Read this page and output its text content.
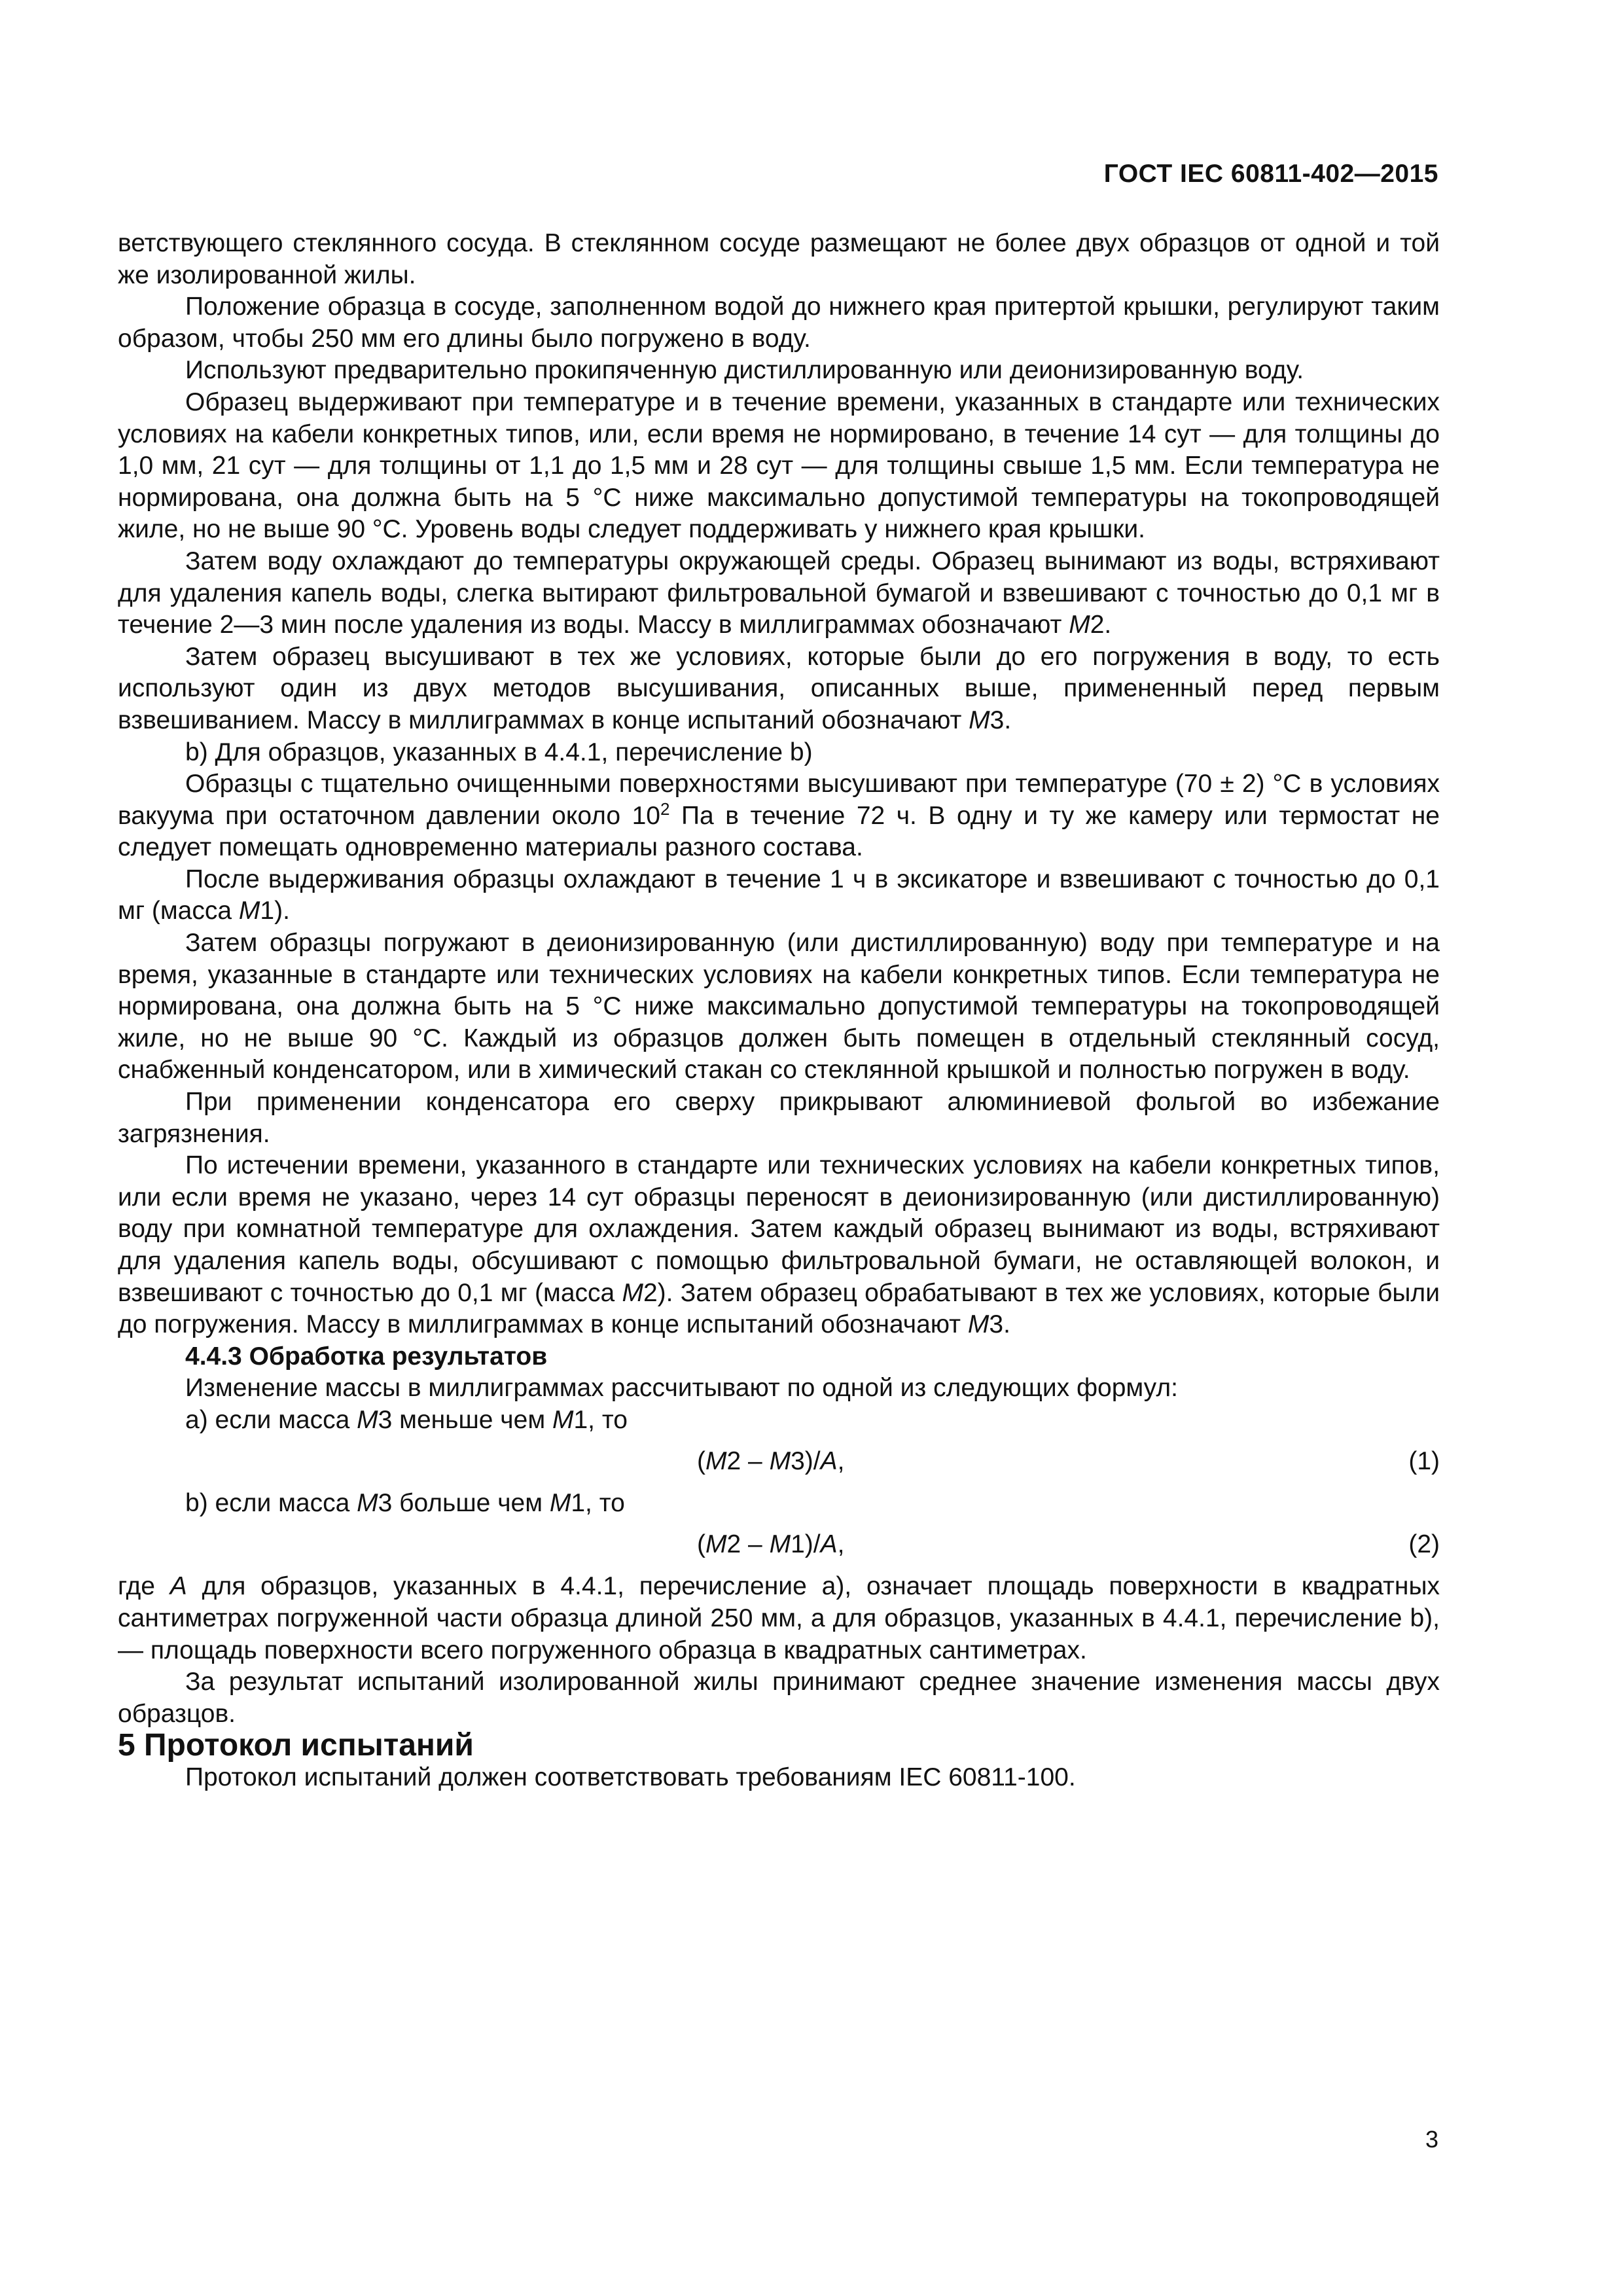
ГОСТ IEC 60811-402—2015

ветствующего стеклянного сосуда. В стеклянном сосуде размещают не более двух образцов от одной и той же изолированной жилы.

Положение образца в сосуде, заполненном водой до нижнего края притертой крышки, регулируют таким образом, чтобы 250 мм его длины было погружено в воду.

Используют предварительно прокипяченную дистиллированную или деионизированную воду.

Образец выдерживают при температуре и в течение времени, указанных в стандарте или технических условиях на кабели конкретных типов, или, если время не нормировано, в течение 14 сут — для толщины до 1,0 мм, 21 сут — для толщины от 1,1 до 1,5 мм и 28 сут — для толщины свыше 1,5 мм. Если температура не нормирована, она должна быть на 5 °С ниже максимально допустимой температуры на токопроводящей жиле, но не выше 90 °С. Уровень воды следует поддерживать у нижнего края крышки.

Затем воду охлаждают до температуры окружающей среды. Образец вынимают из воды, встряхивают для удаления капель воды, слегка вытирают фильтровальной бумагой и взвешивают с точностью до 0,1 мг в течение 2—3 мин после удаления из воды. Массу в миллиграммах обозначают М2.

Затем образец высушивают в тех же условиях, которые были до его погружения в воду, то есть используют один из двух методов высушивания, описанных выше, примененный перед первым взвешиванием. Массу в миллиграммах в конце испытаний обозначают М3.

b) Для образцов, указанных в 4.4.1, перечисление b)

Образцы с тщательно очищенными поверхностями высушивают при температуре (70 ± 2) °С в условиях вакуума при остаточном давлении около $10^2$ Па в течение 72 ч. В одну и ту же камеру или термостат не следует помещать одновременно материалы разного состава.

После выдерживания образцы охлаждают в течение 1 ч в эксикаторе и взвешивают с точностью до 0,1 мг (масса М1).

Затем образцы погружают в деионизированную (или дистиллированную) воду при температуре и на время, указанные в стандарте или технических условиях на кабели конкретных типов. Если температура не нормирована, она должна быть на 5 °С ниже максимально допустимой температуры на токопроводящей жиле, но не выше 90 °С. Каждый из образцов должен быть помещен в отдельный стеклянный сосуд, снабженный конденсатором, или в химический стакан со стеклянной крышкой и полностью погружен в воду.

При применении конденсатора его сверху прикрывают алюминиевой фольгой во избежание загрязнения.

По истечении времени, указанного в стандарте или технических условиях на кабели конкретных типов, или если время не указано, через 14 сут образцы переносят в деионизированную (или дистиллированную) воду при комнатной температуре для охлаждения. Затем каждый образец вынимают из воды, встряхивают для удаления капель воды, обсушивают с помощью фильтровальной бумаги, не оставляющей волокон, и взвешивают с точностью до 0,1 мг (масса М2). Затем образец обрабатывают в тех же условиях, которые были до погружения. Массу в миллиграммах в конце испытаний обозначают М3.

4.4.3 Обработка результатов

Изменение массы в миллиграммах рассчитывают по одной из следующих формул:

а) если масса М3 меньше чем М1, то

(M2 – M3)/A,	(1)

b) если масса М3 больше чем М1, то

(M2 – M1)/A,	(2)

где А для образцов, указанных в 4.4.1, перечисление а), означает площадь поверхности в квадратных сантиметрах погруженной части образца длиной 250 мм, а для образцов, указанных в 4.4.1, перечисление b), — площадь поверхности всего погруженного образца в квадратных сантиметрах.

За результат испытаний изолированной жилы принимают среднее значение изменения массы двух образцов.

5 Протокол испытаний

Протокол испытаний должен соответствовать требованиям IEC 60811-100.

3
